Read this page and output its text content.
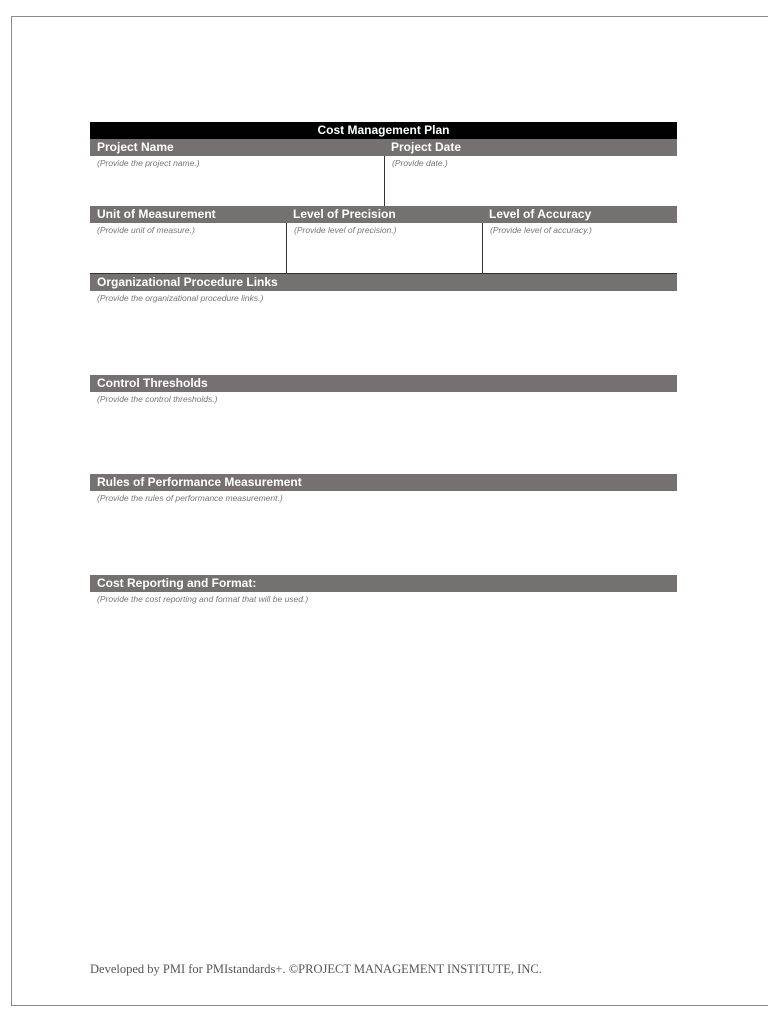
Cost Management Plan
Project Name	Project Date
(Provide the project name.)	(Provide date.)
Unit of Measurement	Level of Precision	Level of Accuracy
(Provide unit of measure.)	(Provide level of precision.)	(Provide level of accuracy.)
Organizational Procedure Links
(Provide the organizational procedure links.)
Control Thresholds
(Provide the control thresholds.)
Rules of Performance Measurement
(Provide the rules of performance measurement.)
Cost Reporting and Format:
(Provide the cost reporting and format that will be used.)
Developed by PMI for PMIstandards+. ©PROJECT MANAGEMENT INSTITUTE, INC.
